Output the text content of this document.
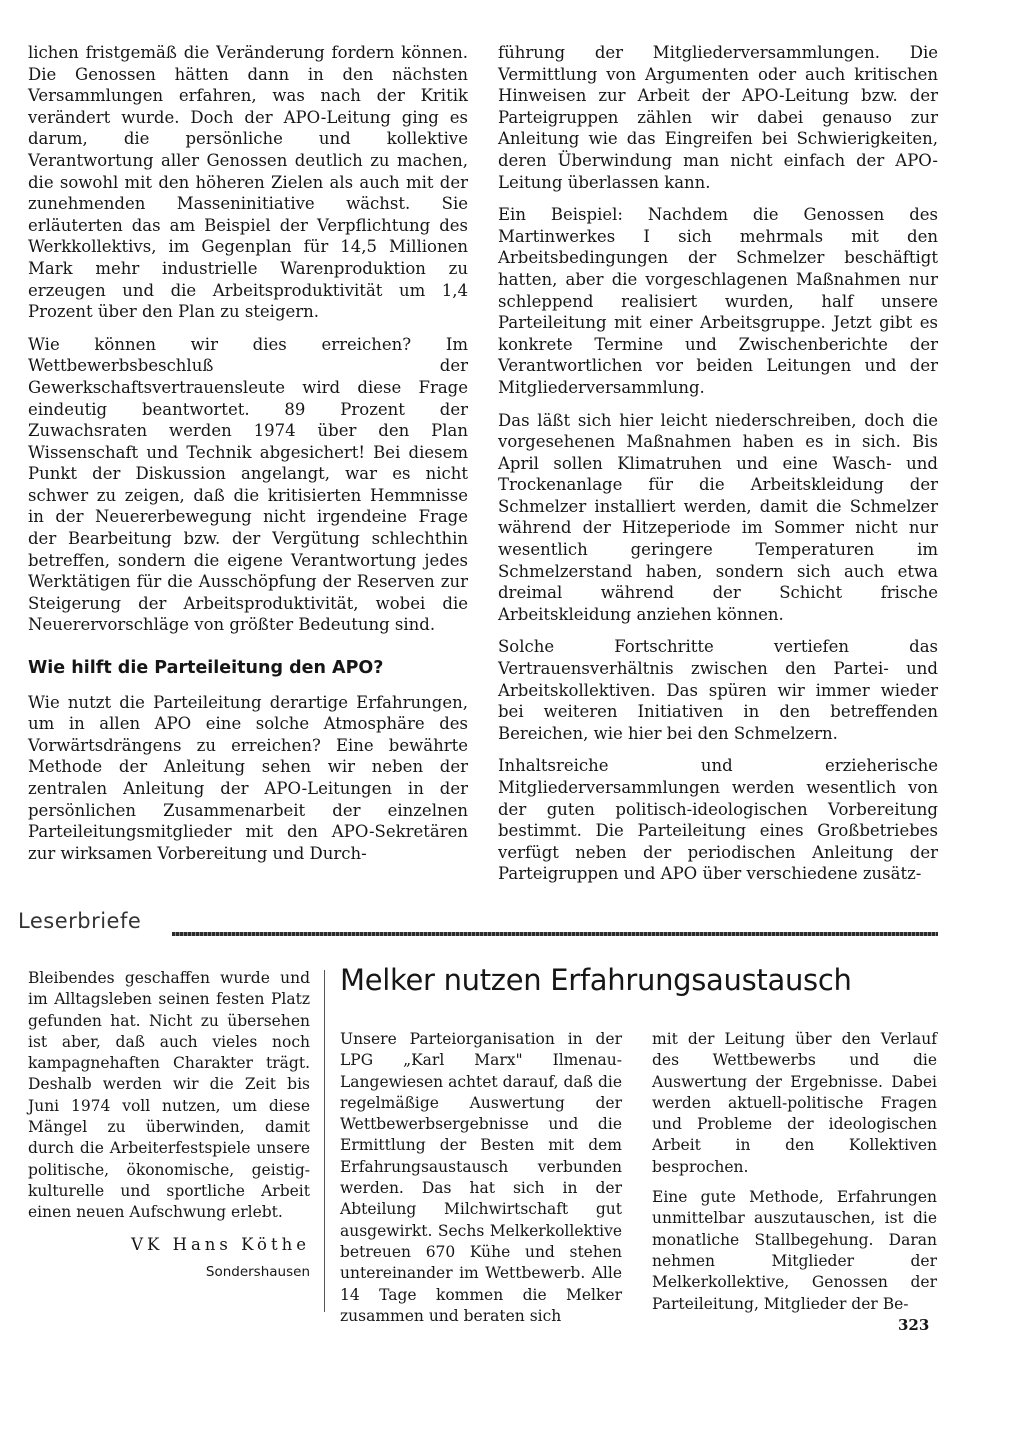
lichen fristgemäß die Veränderung fordern können. Die Genossen hätten dann in den nächsten Versammlungen erfahren, was nach der Kritik verändert wurde. Doch der APO-Leitung ging es darum, die persönliche und kollektive Verantwortung aller Genossen deutlich zu machen, die sowohl mit den höheren Zielen als auch mit der zunehmenden Masseninitiative wächst. Sie erläuterten das am Beispiel der Verpflichtung des Werkkollektivs, im Gegenplan für 14,5 Millionen Mark mehr industrielle Warenproduktion zu erzeugen und die Arbeitsproduktivität um 1,4 Prozent über den Plan zu steigern.

Wie können wir dies erreichen? Im Wettbewerbsbeschluß der Gewerkschaftsvertrauensleute wird diese Frage eindeutig beantwortet. 89 Prozent der Zuwachsraten werden 1974 über den Plan Wissenschaft und Technik abgesichert! Bei diesem Punkt der Diskussion angelangt, war es nicht schwer zu zeigen, daß die kritisierten Hemmnisse in der Neuererbewegung nicht irgendeine Frage der Bearbeitung bzw. der Vergütung schlechthin betreffen, sondern die eigene Verantwortung jedes Werktätigen für die Ausschöpfung der Reserven zur Steigerung der Arbeitsproduktivität, wobei die Neuerervorschläge von größter Bedeutung sind.

Wie hilft die Parteileitung den APO?

Wie nutzt die Parteileitung derartige Erfahrungen, um in allen APO eine solche Atmosphäre des Vorwärtsdrängens zu erreichen? Eine bewährte Methode der Anleitung sehen wir neben der zentralen Anleitung der APO-Leitungen in der persönlichen Zusammenarbeit der einzelnen Parteileitungsmitglieder mit den APO-Sekretären zur wirksamen Vorbereitung und Durch-

führung der Mitgliederversammlungen. Die Vermittlung von Argumenten oder auch kritischen Hinweisen zur Arbeit der APO-Leitung bzw. der Parteigruppen zählen wir dabei genauso zur Anleitung wie das Eingreifen bei Schwierigkeiten, deren Überwindung man nicht einfach der APO-Leitung überlassen kann.

Ein Beispiel: Nachdem die Genossen des Martinwerkes I sich mehrmals mit den Arbeitsbedingungen der Schmelzer beschäftigt hatten, aber die vorgeschlagenen Maßnahmen nur schleppend realisiert wurden, half unsere Parteileitung mit einer Arbeitsgruppe. Jetzt gibt es konkrete Termine und Zwischenberichte der Verantwortlichen vor beiden Leitungen und der Mitgliederversammlung.

Das läßt sich hier leicht niederschreiben, doch die vorgesehenen Maßnahmen haben es in sich. Bis April sollen Klimatruhen und eine Wasch- und Trockenanlage für die Arbeitskleidung der Schmelzer installiert werden, damit die Schmelzer während der Hitzeperiode im Sommer nicht nur wesentlich geringere Temperaturen im Schmelzerstand haben, sondern sich auch etwa dreimal während der Schicht frische Arbeitskleidung anziehen können.

Solche Fortschritte vertiefen das Vertrauensverhältnis zwischen den Partei- und Arbeitskollektiven. Das spüren wir immer wieder bei weiteren Initiativen in den betreffenden Bereichen, wie hier bei den Schmelzern.

Inhaltsreiche und erzieherische Mitgliederversammlungen werden wesentlich von der guten politisch-ideologischen Vorbereitung bestimmt. Die Parteileitung eines Großbetriebes verfügt neben der periodischen Anleitung der Parteigruppen und APO über verschiedene zusätz-

Leserbriefe

Bleibendes geschaffen wurde und im Alltagsleben seinen festen Platz gefunden hat. Nicht zu übersehen ist aber, daß auch vieles noch kampagnehaften Charakter trägt. Deshalb werden wir die Zeit bis Juni 1974 voll nutzen, um diese Mängel zu überwinden, damit durch die Arbeiterfestspiele unsere politische, ökonomische, geistig-kulturelle und sportliche Arbeit einen neuen Aufschwung erlebt.

VK Hans Köthe
Sondershausen
Melker nutzen Erfahrungsaustausch

Unsere Parteiorganisation in der LPG „Karl Marx" Ilmenau-Langewiesen achtet darauf, daß die regelmäßige Auswertung der Wettbewerbsergebnisse und die Ermittlung der Besten mit dem Erfahrungsaustausch verbunden werden. Das hat sich in der Abteilung Milchwirtschaft gut ausgewirkt. Sechs Melkerkollektive betreuen 670 Kühe und stehen untereinander im Wettbewerb. Alle 14 Tage kommen die Melker zusammen und beraten sich

mit der Leitung über den Verlauf des Wettbewerbs und die Auswertung der Ergebnisse. Dabei werden aktuell-politische Fragen und Probleme der ideologischen Arbeit in den Kollektiven besprochen.

Eine gute Methode, Erfahrungen unmittelbar auszutauschen, ist die monatliche Stallbegehung. Daran nehmen Mitglieder der Melkerkollektive, Genossen der Parteileitung, Mitglieder der Be-

323
